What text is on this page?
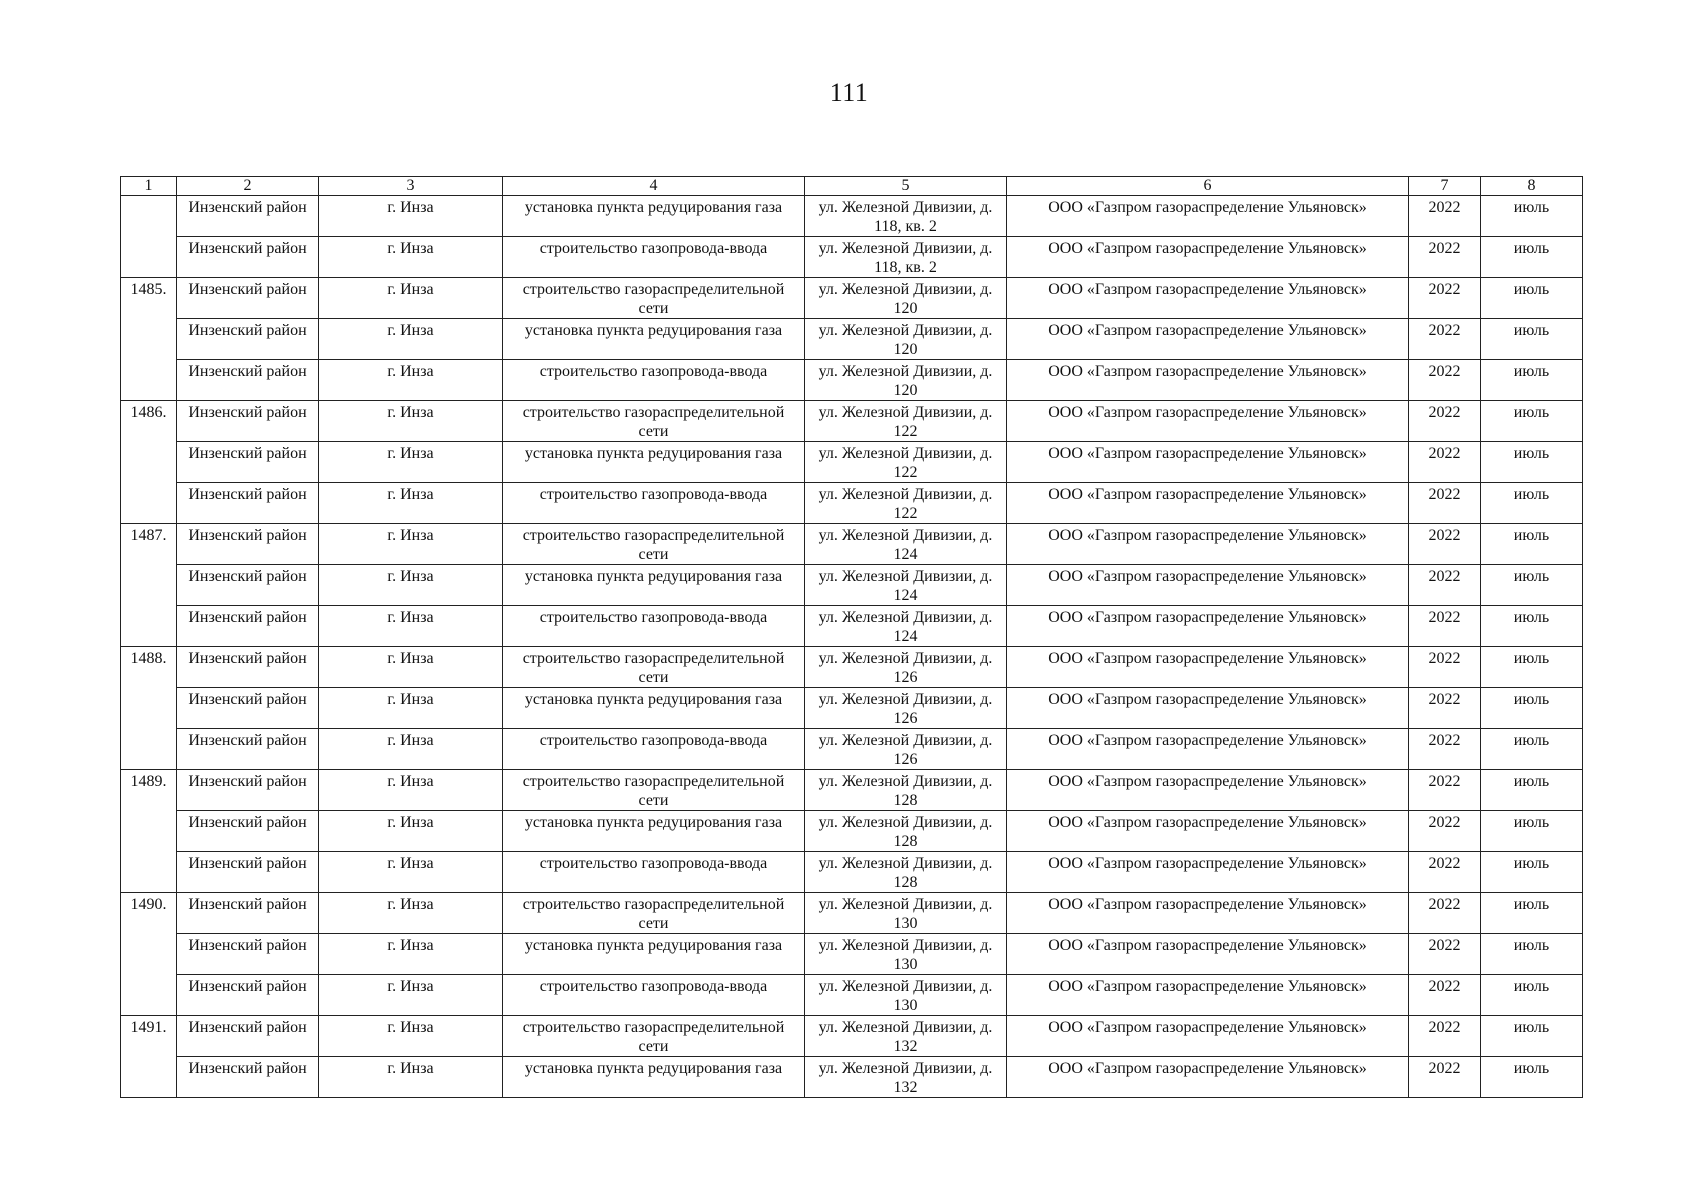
111
1	2	3	4	5	6	7	8
	Инзенский район	г. Инза	установка пункта редуцирования газа	ул. Железной Дивизии, д. 118, кв. 2	ООО «Газпром газораспределение Ульяновск»	2022	июль
	Инзенский район	г. Инза	строительство газопровода-ввода	ул. Железной Дивизии, д. 118, кв. 2	ООО «Газпром газораспределение Ульяновск»	2022	июль
1485.	Инзенский район	г. Инза	строительство газораспределительной сети	ул. Железной Дивизии, д. 120	ООО «Газпром газораспределение Ульяновск»	2022	июль
	Инзенский район	г. Инза	установка пункта редуцирования газа	ул. Железной Дивизии, д. 120	ООО «Газпром газораспределение Ульяновск»	2022	июль
	Инзенский район	г. Инза	строительство газопровода-ввода	ул. Железной Дивизии, д. 120	ООО «Газпром газораспределение Ульяновск»	2022	июль
1486.	Инзенский район	г. Инза	строительство газораспределительной сети	ул. Железной Дивизии, д. 122	ООО «Газпром газораспределение Ульяновск»	2022	июль
	Инзенский район	г. Инза	установка пункта редуцирования газа	ул. Железной Дивизии, д. 122	ООО «Газпром газораспределение Ульяновск»	2022	июль
	Инзенский район	г. Инза	строительство газопровода-ввода	ул. Железной Дивизии, д. 122	ООО «Газпром газораспределение Ульяновск»	2022	июль
1487.	Инзенский район	г. Инза	строительство газораспределительной сети	ул. Железной Дивизии, д. 124	ООО «Газпром газораспределение Ульяновск»	2022	июль
	Инзенский район	г. Инза	установка пункта редуцирования газа	ул. Железной Дивизии, д. 124	ООО «Газпром газораспределение Ульяновск»	2022	июль
	Инзенский район	г. Инза	строительство газопровода-ввода	ул. Железной Дивизии, д. 124	ООО «Газпром газораспределение Ульяновск»	2022	июль
1488.	Инзенский район	г. Инза	строительство газораспределительной сети	ул. Железной Дивизии, д. 126	ООО «Газпром газораспределение Ульяновск»	2022	июль
	Инзенский район	г. Инза	установка пункта редуцирования газа	ул. Железной Дивизии, д. 126	ООО «Газпром газораспределение Ульяновск»	2022	июль
	Инзенский район	г. Инза	строительство газопровода-ввода	ул. Железной Дивизии, д. 126	ООО «Газпром газораспределение Ульяновск»	2022	июль
1489.	Инзенский район	г. Инза	строительство газораспределительной сети	ул. Железной Дивизии, д. 128	ООО «Газпром газораспределение Ульяновск»	2022	июль
	Инзенский район	г. Инза	установка пункта редуцирования газа	ул. Железной Дивизии, д. 128	ООО «Газпром газораспределение Ульяновск»	2022	июль
	Инзенский район	г. Инза	строительство газопровода-ввода	ул. Железной Дивизии, д. 128	ООО «Газпром газораспределение Ульяновск»	2022	июль
1490.	Инзенский район	г. Инза	строительство газораспределительной сети	ул. Железной Дивизии, д. 130	ООО «Газпром газораспределение Ульяновск»	2022	июль
	Инзенский район	г. Инза	установка пункта редуцирования газа	ул. Железной Дивизии, д. 130	ООО «Газпром газораспределение Ульяновск»	2022	июль
	Инзенский район	г. Инза	строительство газопровода-ввода	ул. Железной Дивизии, д. 130	ООО «Газпром газораспределение Ульяновск»	2022	июль
1491.	Инзенский район	г. Инза	строительство газораспределительной сети	ул. Железной Дивизии, д. 132	ООО «Газпром газораспределение Ульяновск»	2022	июль
	Инзенский район	г. Инза	установка пункта редуцирования газа	ул. Железной Дивизии, д. 132	ООО «Газпром газораспределение Ульяновск»	2022	июль
